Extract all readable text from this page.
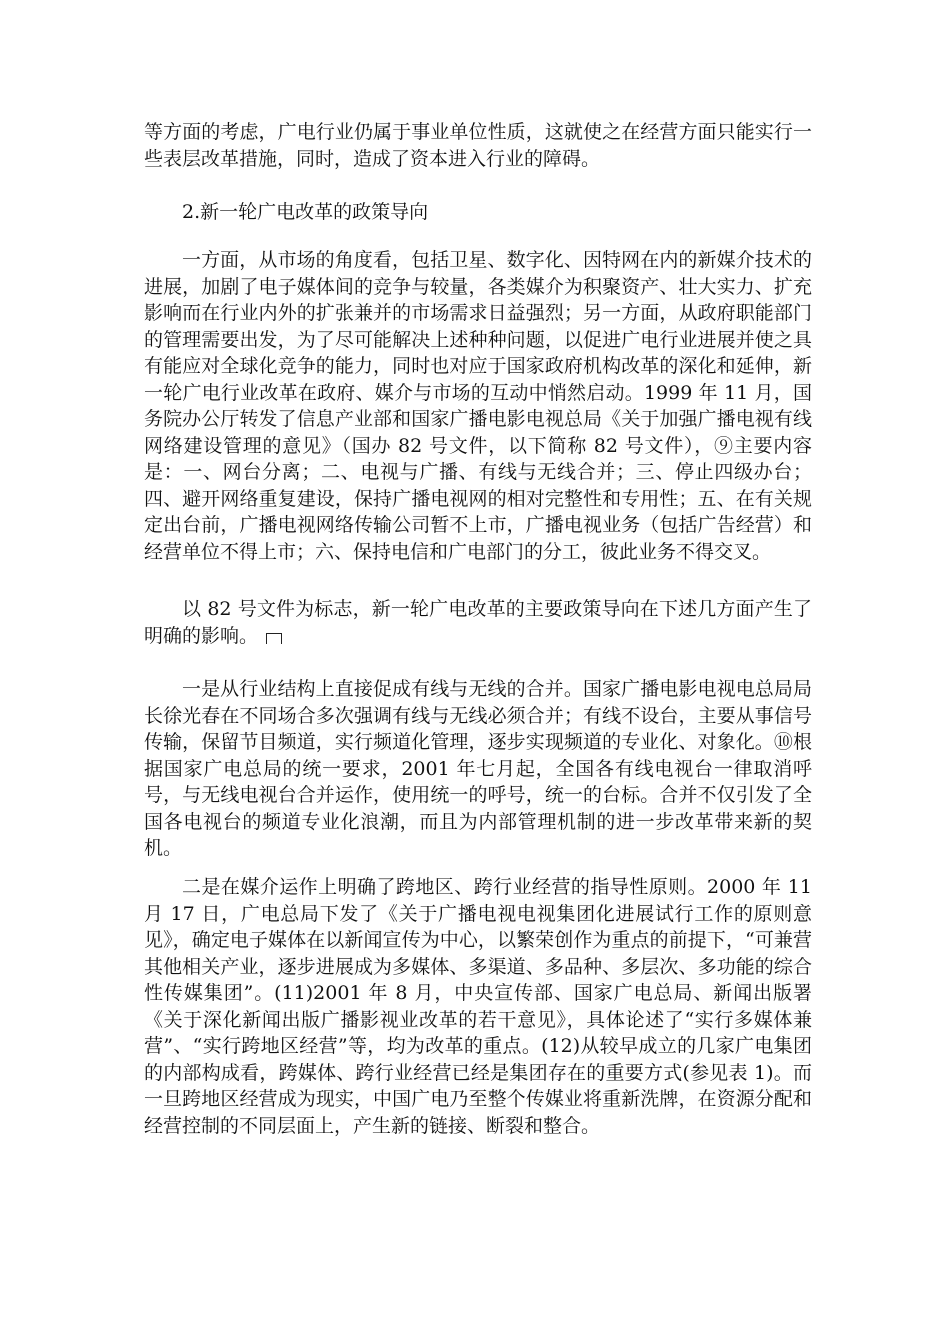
等方面的考虑，广电行业仍属于事业单位性质，这就使之在经营方面只能实行一些表层改革措施，同时，造成了资本进入行业的障碍。

2.新一轮广电改革的政策导向

一方面，从市场的角度看，包括卫星、数字化、因特网在内的新媒介技术的进展，加剧了电子媒体间的竞争与较量，各类媒介为积聚资产、壮大实力、扩充影响而在行业内外的扩张兼并的市场需求日益强烈；另一方面，从政府职能部门的管理需要出发，为了尽可能解决上述种种问题，以促进广电行业进展并使之具有能应对全球化竞争的能力，同时也对应于国家政府机构改革的深化和延伸，新一轮广电行业改革在政府、媒介与市场的互动中悄然启动。1999 年 11 月，国务院办公厅转发了信息产业部和国家广播电影电视总局《关于加强广播电视有线网络建设管理的意见》（国办 82 号文件，以下简称 82 号文件），⑨主要内容是：一、网台分离；二、电视与广播、有线与无线合并；三、停止四级办台；四、避开网络重复建设，保持广播电视网的相对完整性和专用性；五、在有关规定出台前，广播电视网络传输公司暂不上市，广播电视业务（包括广告经营）和经营单位不得上市；六、保持电信和广电部门的分工，彼此业务不得交叉。

以 82 号文件为标志，新一轮广电改革的主要政策导向在下述几方面产生了明确的影响。

一是从行业结构上直接促成有线与无线的合并。国家广播电影电视电总局局长徐光春在不同场合多次强调有线与无线必须合并；有线不设台，主要从事信号传输，保留节目频道，实行频道化管理，逐步实现频道的专业化、对象化。⑩根据国家广电总局的统一要求，2001 年七月起，全国各有线电视台一律取消呼号，与无线电视台合并运作，使用统一的呼号，统一的台标。合并不仅引发了全国各电视台的频道专业化浪潮，而且为内部管理机制的进一步改革带来新的契机。

二是在媒介运作上明确了跨地区、跨行业经营的指导性原则。2000 年 11 月 17 日，广电总局下发了《关于广播电视电视集团化进展试行工作的原则意见》，确定电子媒体在以新闻宣传为中心，以繁荣创作为重点的前提下，“可兼营其他相关产业，逐步进展成为多媒体、多渠道、多品种、多层次、多功能的综合性传媒集团”。(11)2001 年 8 月，中央宣传部、国家广电总局、新闻出版署《关于深化新闻出版广播影视业改革的若干意见》，具体论述了“实行多媒体兼营”、“实行跨地区经营”等，均为改革的重点。(12)从较早成立的几家广电集团的内部构成看，跨媒体、跨行业经营已经是集团存在的重要方式(参见表 1)。而一旦跨地区经营成为现实，中国广电乃至整个传媒业将重新洗牌，在资源分配和经营控制的不同层面上，产生新的链接、断裂和整合。
